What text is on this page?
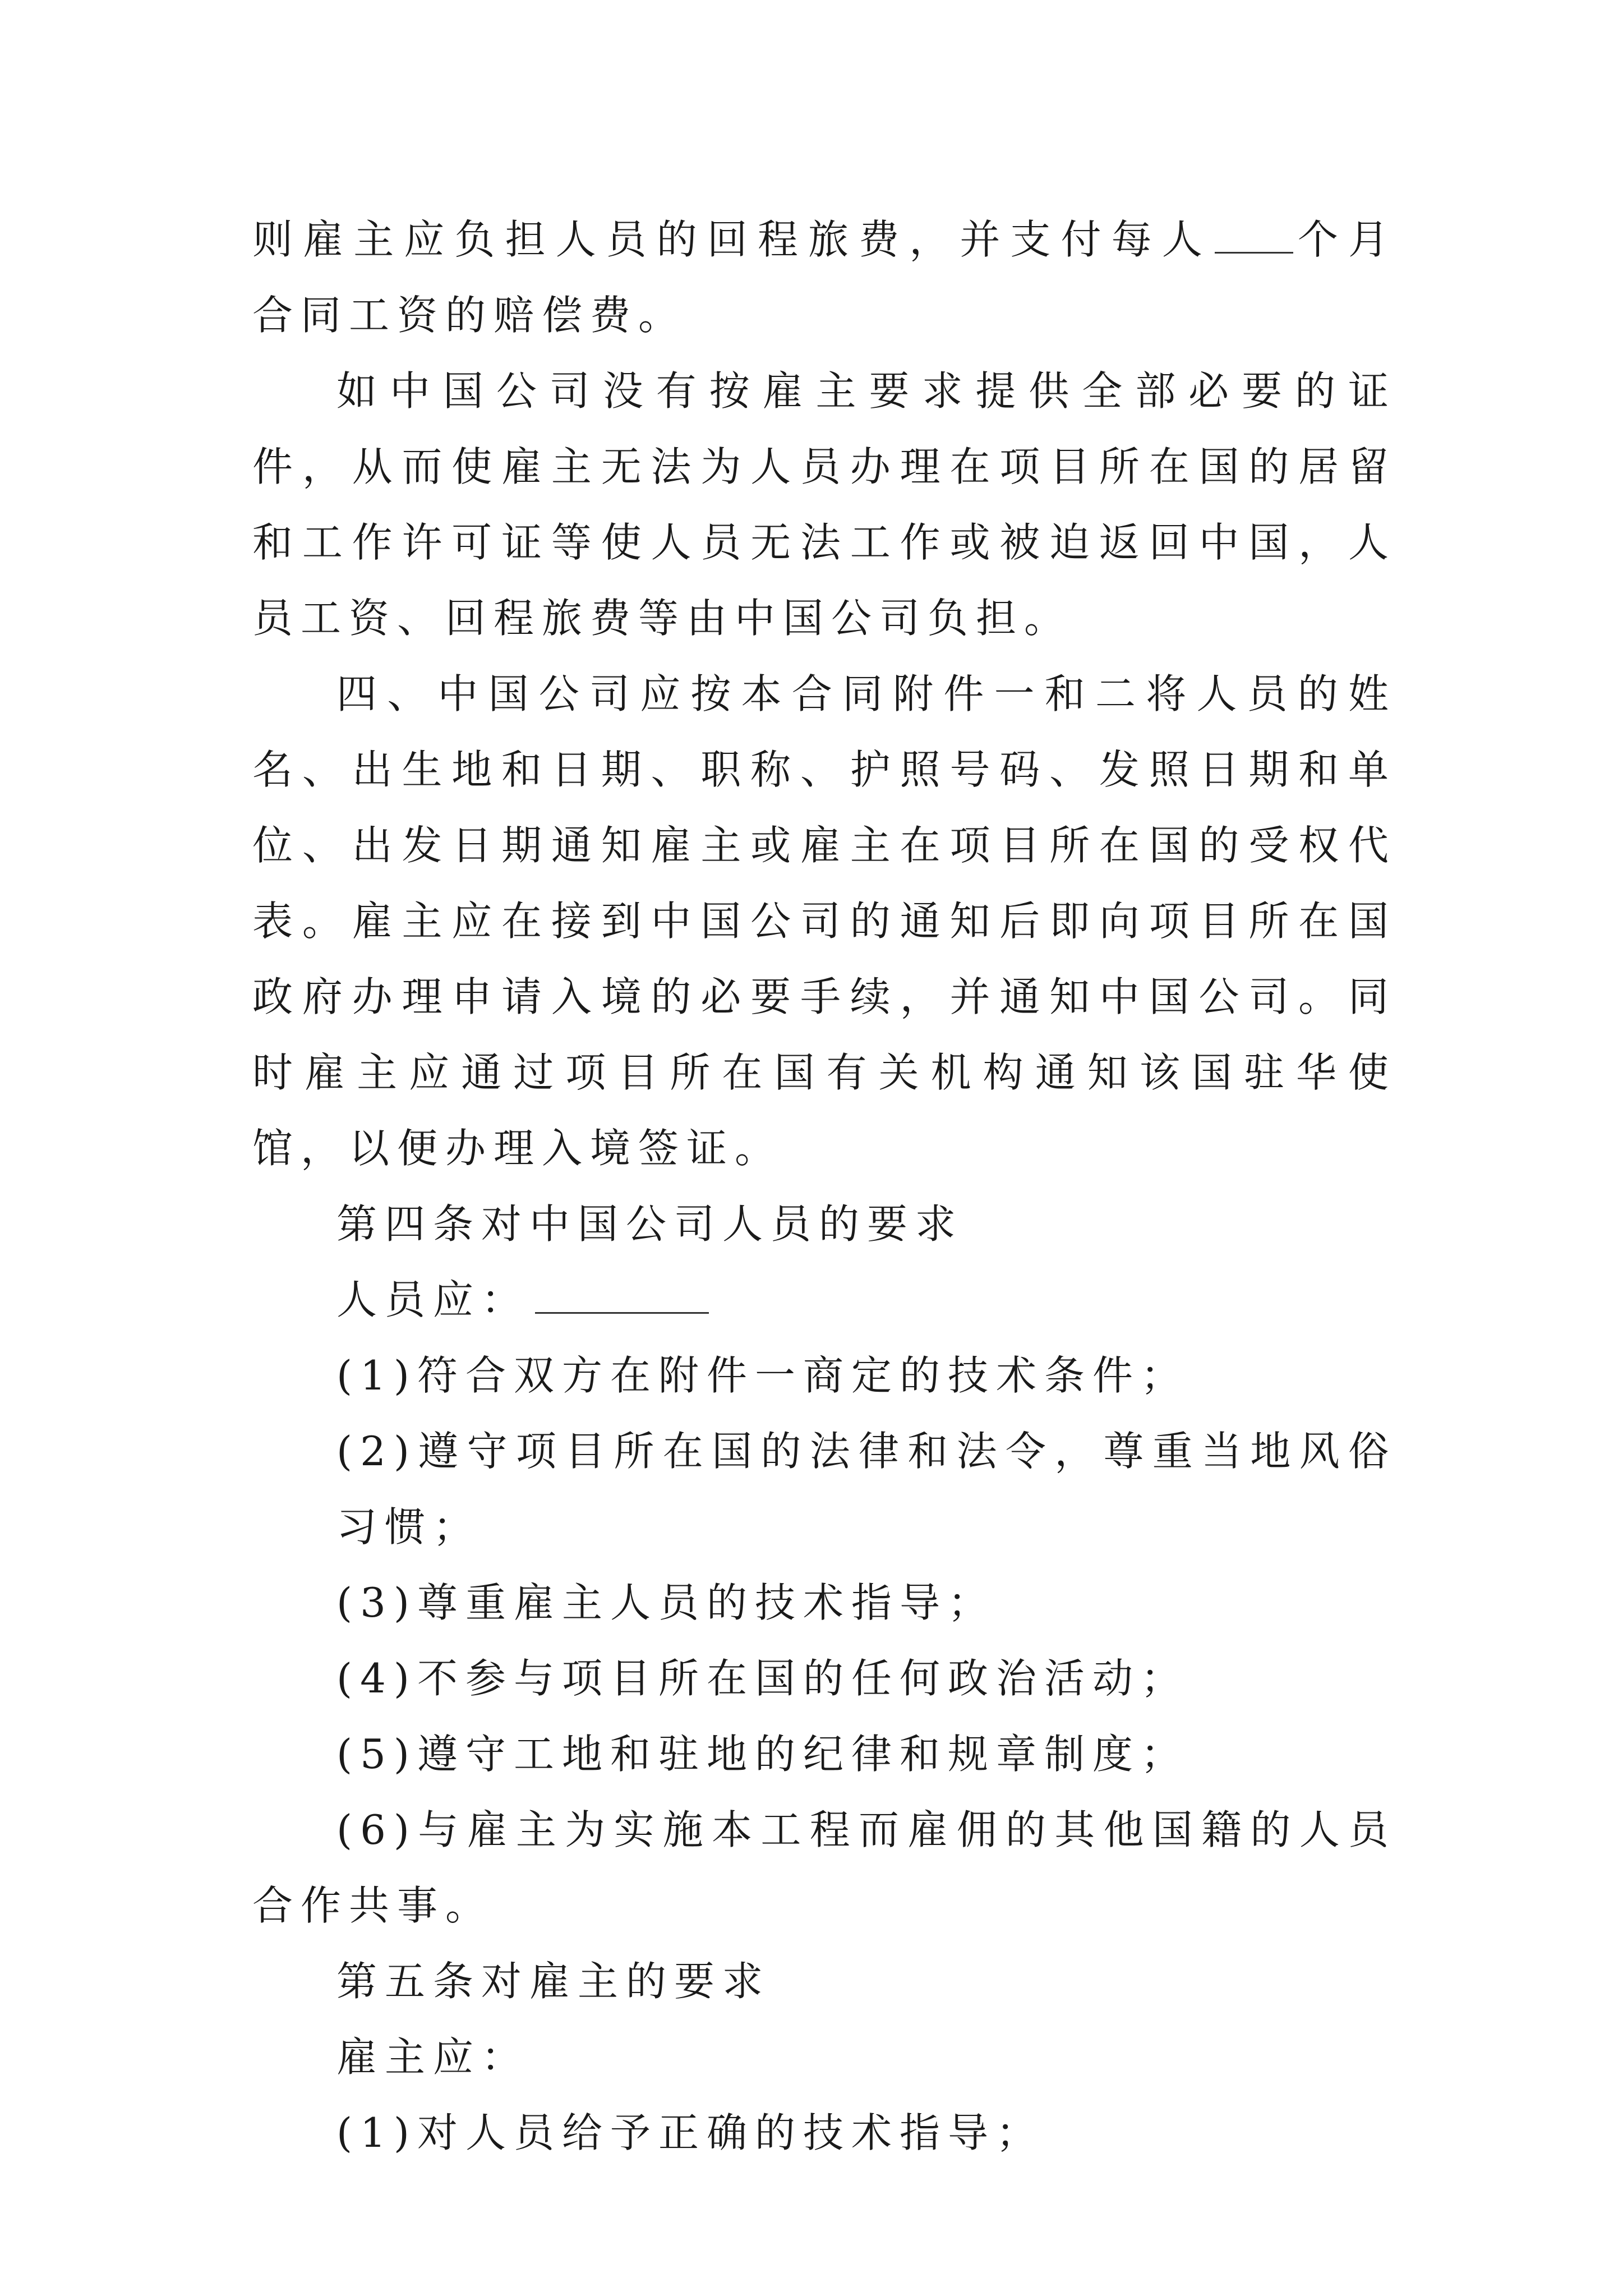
则雇主应负担人员的回程旅费，并支付每人 个月合同工资的赔偿费。

如中国公司没有按雇主要求提供全部必要的证件，从而使雇主无法为人员办理在项目所在国的居留和工作许可证等使人员无法工作或被迫返回中国，人员工资、回程旅费等由中国公司负担。

四、中国公司应按本合同附件一和二将人员的姓名、出生地和日期、职称、护照号码、发照日期和单位、出发日期通知雇主或雇主在项目所在国的受权代表。雇主应在接到中国公司的通知后即向项目所在国政府办理申请入境的必要手续，并通知中国公司。同时雇主应通过项目所在国有关机构通知该国驻华使馆，以便办理入境签证。

第四条对中国公司人员的要求

人员应：

(1)符合双方在附件一商定的技术条件；

(2)遵守项目所在国的法律和法令，尊重当地风俗习惯；

(3)尊重雇主人员的技术指导；

(4)不参与项目所在国的任何政治活动；

(5)遵守工地和驻地的纪律和规章制度；

(6)与雇主为实施本工程而雇佣的其他国籍的人员合作共事。

第五条对雇主的要求

雇主应：

(1)对人员给予正确的技术指导；
